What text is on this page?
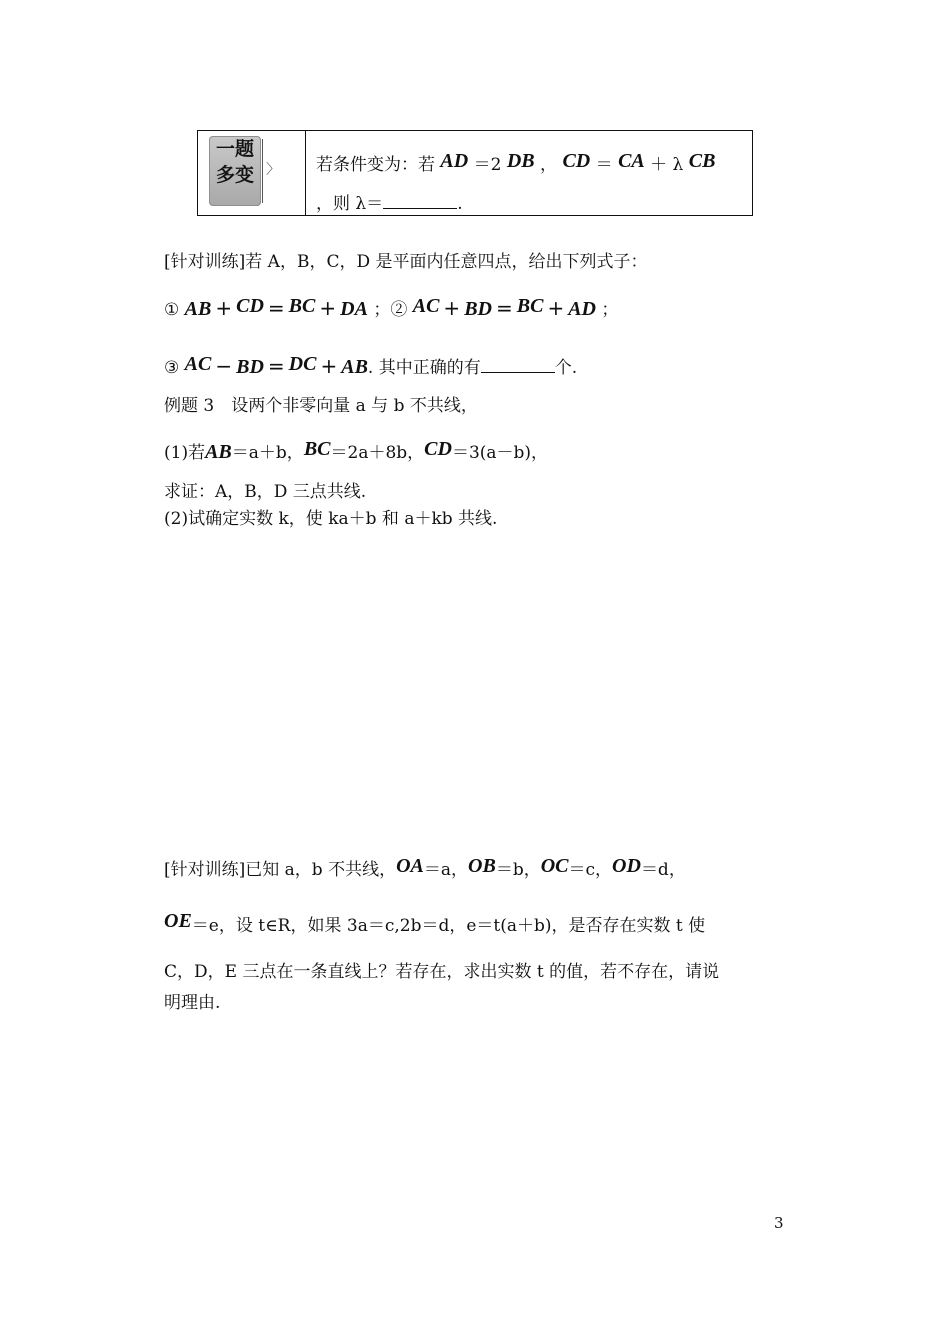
一题
多变 〉 若条件变为：若 AD ＝2 DB ， CD ＝ CA ＋ λ CB
，则 λ＝	.
[针对训练]若 A，B，C，D 是平面内任意四点，给出下列式子：
① AB + CD = BC + DA ；② AC + BD = BC + AD ；
③ AC − BD = DC + AB. 其中正确的有	个.
例题 3　设两个非零向量 a 与 b 不共线，
(1)若AB＝a＋b，BC＝2a＋8b，CD＝3(a－b)，
求证：A，B，D 三点共线.
(2)试确定实数 k，使 ka＋b 和 a＋kb 共线.
[针对训练]已知 a，b 不共线，OA＝a，OB＝b，OC＝c，OD＝d，
OE＝e，设 t∈R，如果 3a＝c,2b＝d，e＝t(a＋b)，是否存在实数 t 使
C，D，E 三点在一条直线上？若存在，求出实数 t 的值，若不存在，请说
明理由.
3
